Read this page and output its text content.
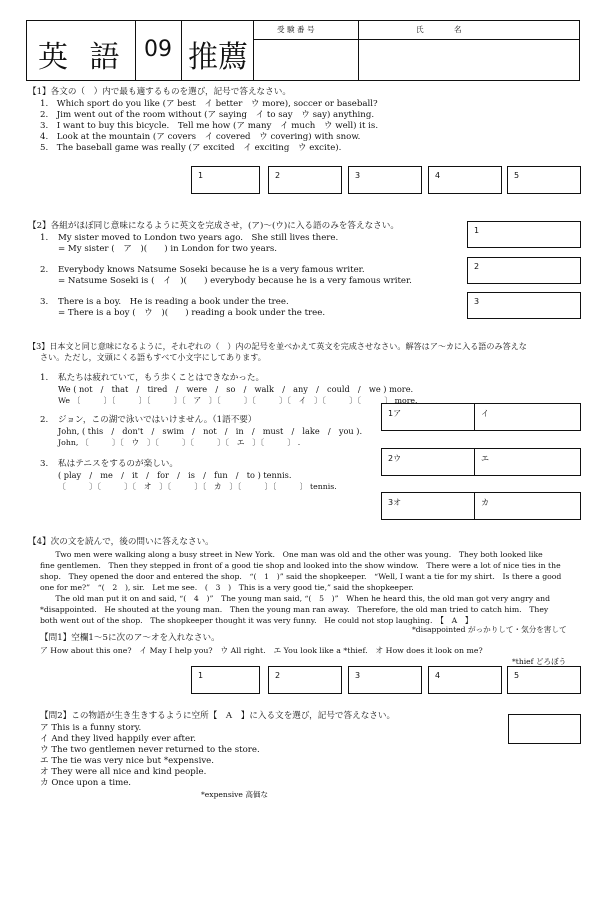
英 語 09 推薦
受 験 番 号	氏　　　　名
【1】各文の（　）内で最も適するものを選び，記号で答えなさい。
1.　Which sport do you like (ア best　イ better　ウ more), soccer or baseball?
2.　Jim went out of the room without (ア saying　イ to say　ウ say) anything.
3.　I want to buy this bicycle.　Tell me how (ア many　イ much　ウ well) it is.
4.　Look at the mountain (ア covers　イ covered　ウ covering) with snow.
5.　The baseball game was really (ア excited　イ exciting　ウ excite).
1	2	3	4	5
【2】各組がほぼ同じ意味になるように英文を完成させ，(ア)～(ウ)に入る語のみを答えなさい。
1. My sister moved to London two years ago.　She still lives there.
= My sister (　ア　)(　　) in London for two years.
1
2. Everybody knows Natsume Soseki because he is a very famous writer.
= Natsume Soseki is (　イ　)(　　) everybody because he is a very famous writer.
2
3. There is a boy.　He is reading a book under the tree.
= There is a boy (　ウ　)(　　) reading a book under the tree.
3
【3】日本文と同じ意味になるように，それぞれの（　）内の記号を並べかえて英文を完成させなさい。解答はア～カに入る語のみ答えな
さい。ただし，文頭にくる語もすべて小文字にしてあります。
1. 私たちは疲れていて，もう歩くことはできなかった。
We ( not　/　that　/　tired　/　were　/　so　/　walk　/　any　/　could　/　we ) more.
We 〔　　　〕〔　　　〕〔　　　〕〔　ア　〕〔　　　〕〔　　　〕〔　イ　〕〔　　　〕〔　　　〕 more.
2. ジョン，この湖で泳いではいけません。（1語不要）
John, ( this　/　don't　/　swim　/　not　/　in　/　must　/　lake　/　you ).
John, 〔　　　〕〔　ウ　〕〔　　　〕〔　　　〕〔　エ　〕〔　　　〕 .
3. 私はテニスをするのが楽しい。
( play　/　me　/　it　/　for　/　is　/　fun　/　to ) tennis.
〔　　　〕〔　　　〕〔　オ　〕〔　　　〕〔　カ　〕〔　　　〕〔　　　〕 tennis.
1ア	イ
2ウ	エ
3オ	カ
【4】次の文を読んで，後の問いに答えなさい。
　　Two men were walking along a busy street in New York.　One man was old and the other was young.　They both looked like
fine gentlemen.　Then they stepped in front of a good tie shop and looked into the show window.　There were a lot of nice ties in the
shop.　They opened the door and entered the shop.　“(　1　)” said the shopkeeper.　“Well, I want a tie for my shirt.　Is there a good
one for me?”　“(　2　), sir.　Let me see.　(　3　)　This is a very good tie,” said the shopkeeper.
　　The old man put it on and said, “(　4　)”　The young man said, “(　5　)”　When he heard this, the old man got very angry and
*disappointed.　He shouted at the young man.　Then the young man ran away.　Therefore, the old man tried to catch him.　They
both went out of the shop.　The shopkeeper thought it was very funny.　He could not stop laughing.　【　A　】
*disappointed がっかりして・気分を害して
【問1】空欄1～5に次のア～オを入れなさい。
ア How about this one?　イ May I help you?　ウ All right.　エ You look like a *thief.　オ How does it look on me?
*thief どろぼう
1	2	3	4	5
【問2】この物語が生き生きするように空所【　A　】に入る文を選び，記号で答えなさい。
ア This is a funny story.
イ And they lived happily ever after.
ウ The two gentlemen never returned to the store.
エ The tie was very nice but *expensive.
オ They were all nice and kind people.
カ Once upon a time.
*expensive 高価な
